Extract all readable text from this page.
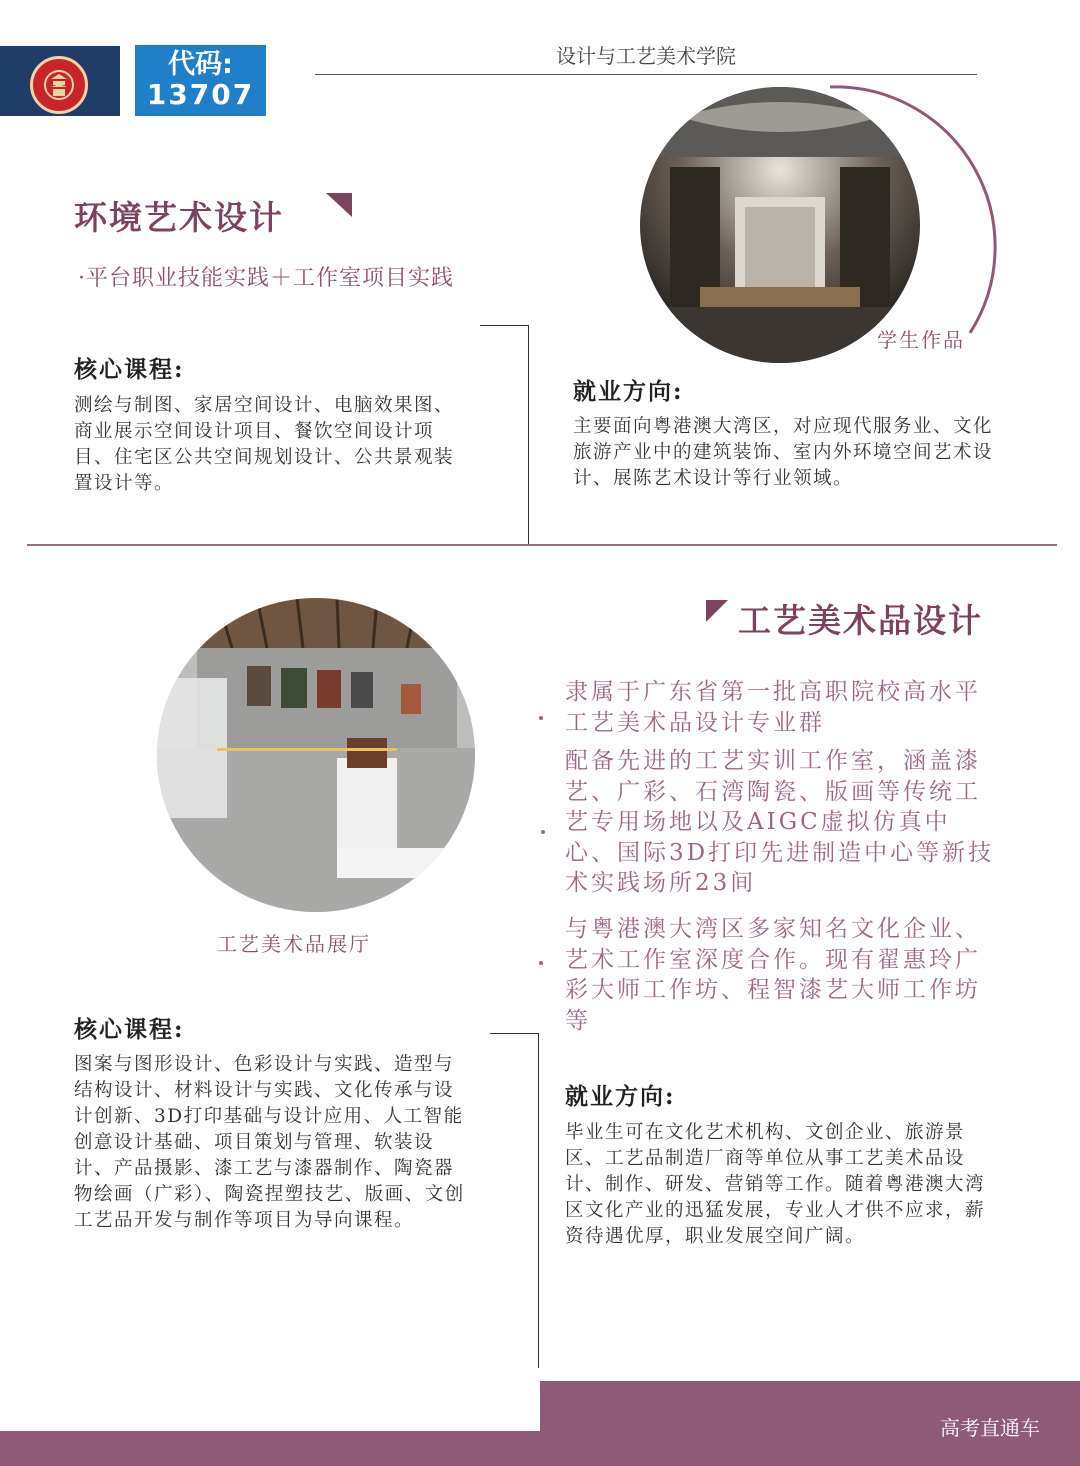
代码:
13707
设计与工艺美术学院
环境艺术设计
·平台职业技能实践＋工作室项目实践
核心课程:
测绘与制图、家居空间设计、电脑效果图、商业展示空间设计项目、餐饮空间设计项目、住宅区公共空间规划设计、公共景观装置设计等。
学生作品
就业方向:
主要面向粤港澳大湾区，对应现代服务业、文化旅游产业中的建筑装饰、室内外环境空间艺术设计、展陈艺术设计等行业领域。
工艺美术品设计
工艺美术品展厅
隶属于广东省第一批高职院校高水平工艺美术品设计专业群
配备先进的工艺实训工作室，涵盖漆艺、广彩、石湾陶瓷、版画等传统工艺专用场地以及AIGC虚拟仿真中心、国际3D打印先进制造中心等新技术实践场所23间
与粤港澳大湾区多家知名文化企业、艺术工作室深度合作。现有翟惠玲广彩大师工作坊、程智漆艺大师工作坊等
核心课程:
图案与图形设计、色彩设计与实践、造型与结构设计、材料设计与实践、文化传承与设计创新、3D打印基础与设计应用、人工智能创意设计基础、项目策划与管理、软装设计、产品摄影、漆工艺与漆器制作、陶瓷器物绘画（广彩）、陶瓷捏塑技艺、版画、文创工艺品开发与制作等项目为导向课程。
就业方向:
毕业生可在文化艺术机构、文创企业、旅游景区、工艺品制造厂商等单位从事工艺美术品设计、制作、研发、营销等工作。随着粤港澳大湾区文化产业的迅猛发展，专业人才供不应求，薪资待遇优厚，职业发展空间广阔。
高考直通车
